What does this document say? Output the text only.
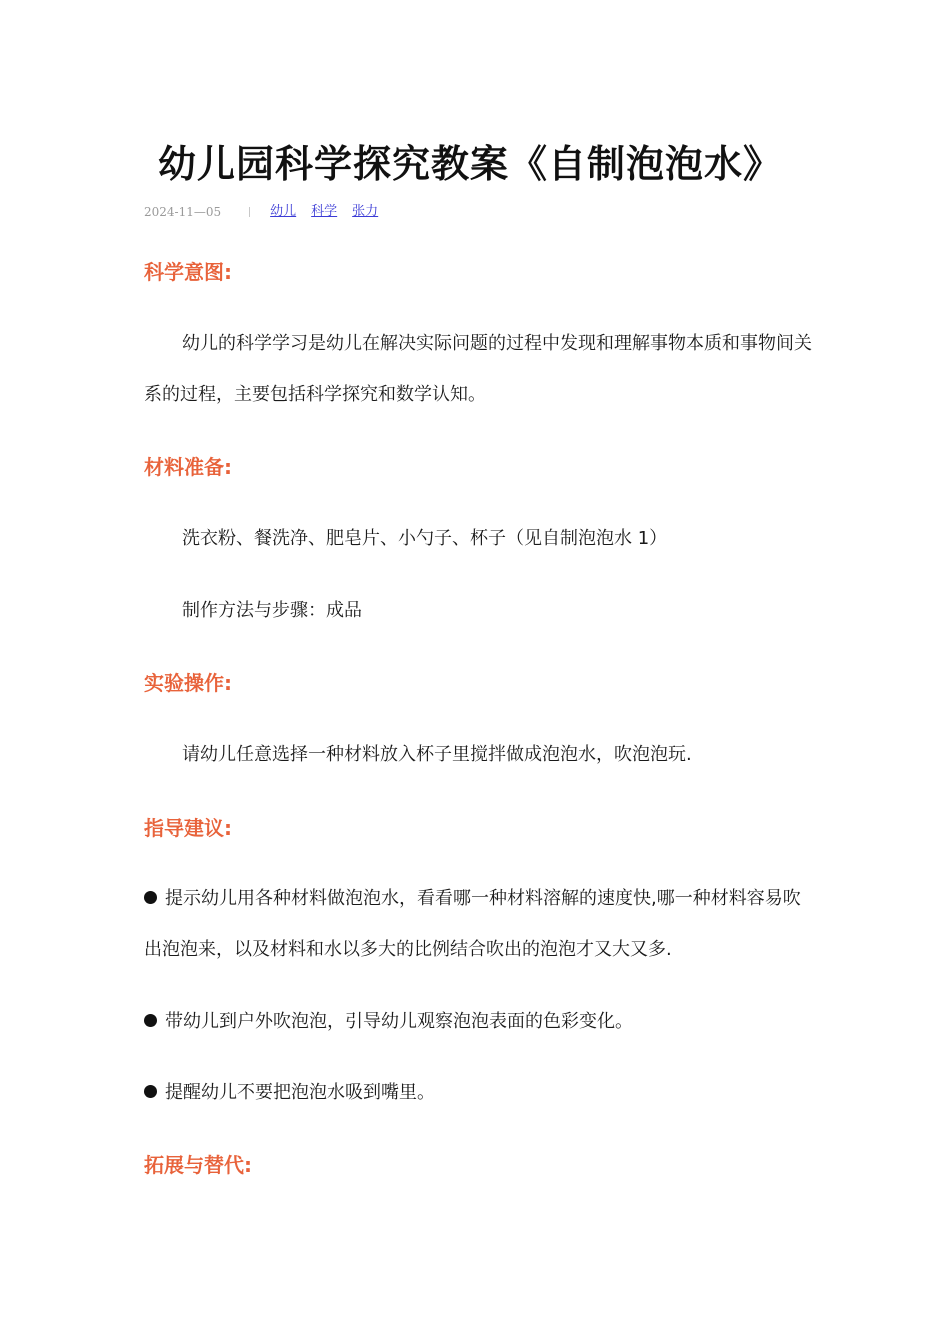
幼儿园科学探究教案《自制泡泡水》
2024-11—05	幼儿 科学 张力
科学意图:

幼儿的科学学习是幼儿在解决实际问题的过程中发现和理解事物本质和事物间关系的过程，主要包括科学探究和数学认知。

材料准备:

洗衣粉、餐洗净、肥皂片、小勺子、杯子（见自制泡泡水 1）

制作方法与步骤：成品

实验操作:

请幼儿任意选择一种材料放入杯子里搅拌做成泡泡水，吹泡泡玩.

指导建议:

提示幼儿用各种材料做泡泡水，看看哪一种材料溶解的速度快,哪一种材料容易吹出泡泡来，以及材料和水以多大的比例结合吹出的泡泡才又大又多.

带幼儿到户外吹泡泡，引导幼儿观察泡泡表面的色彩变化。

提醒幼儿不要把泡泡水吸到嘴里。

拓展与替代:
